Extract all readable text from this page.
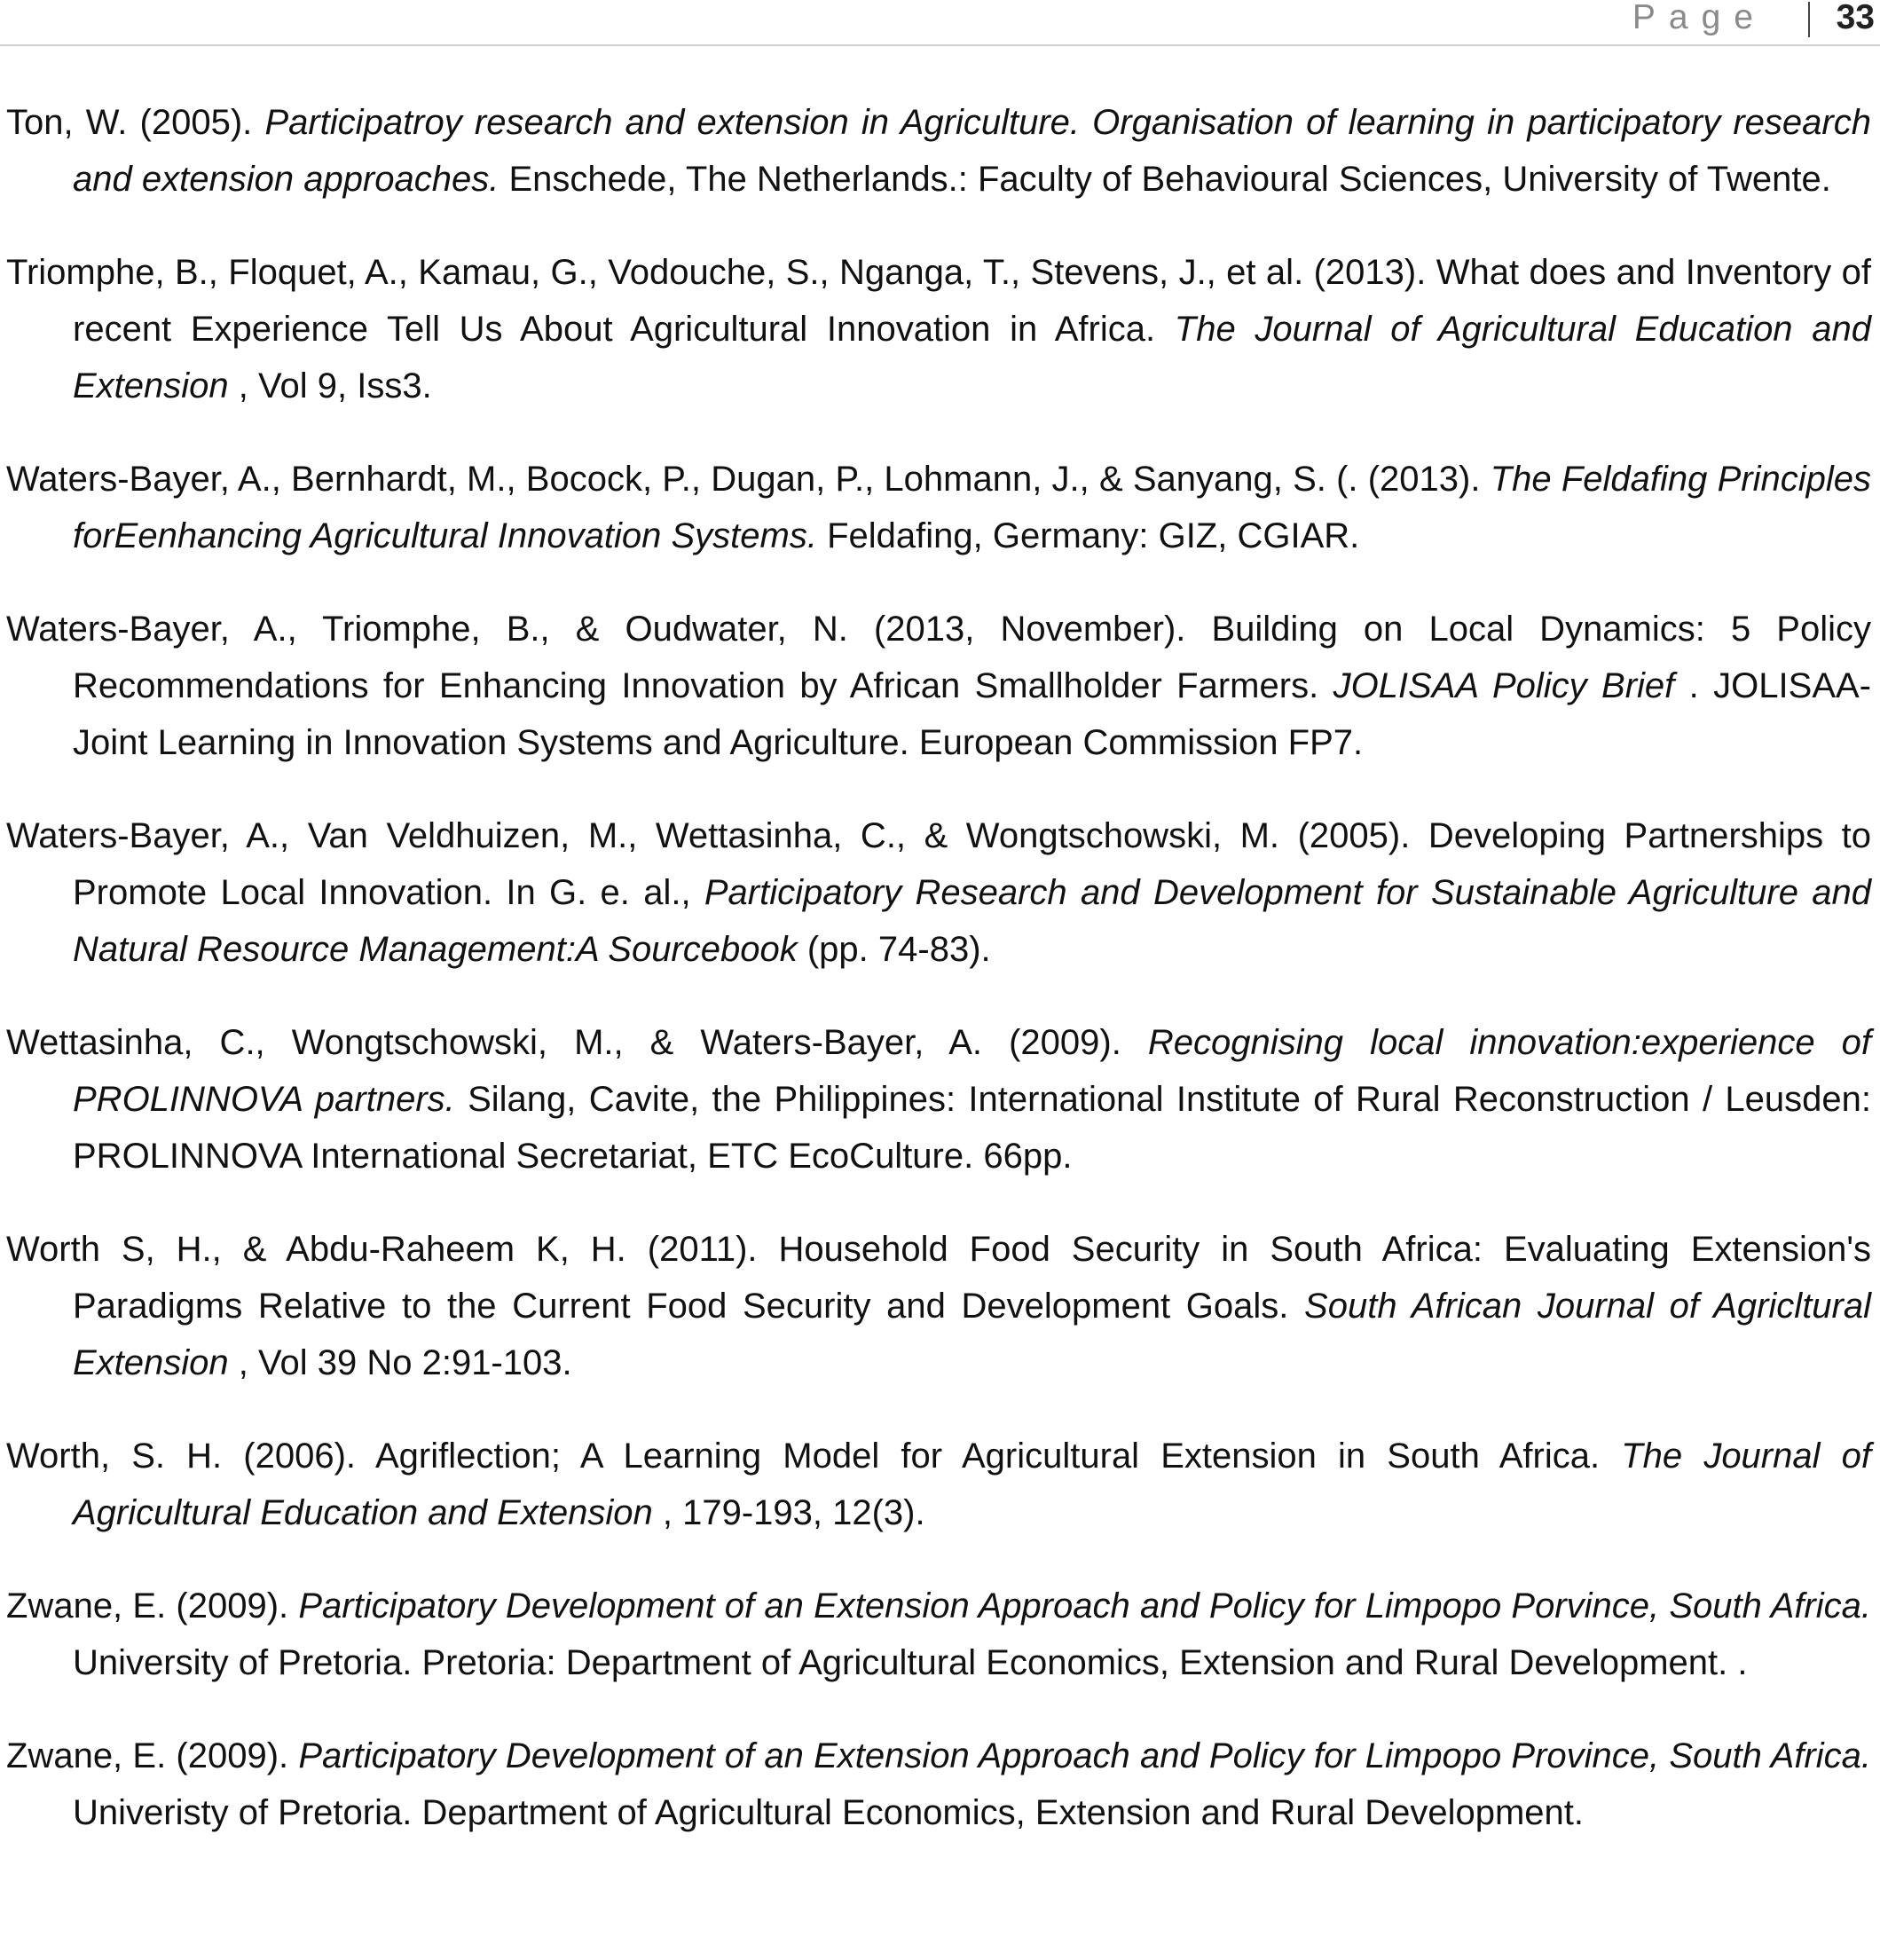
Page 33

Ton, W. (2005). Participatroy research and extension in Agriculture. Organisation of learning in participatory research and extension approaches. Enschede, The Netherlands.: Faculty of Behavioural Sciences, University of Twente.

Triomphe, B., Floquet, A., Kamau, G., Vodouche, S., Nganga, T., Stevens, J., et al. (2013). What does and Inventory of recent Experience Tell Us About Agricultural Innovation in Africa. The Journal of Agricultural Education and Extension , Vol 9, Iss3.

Waters-Bayer, A., Bernhardt, M., Bocock, P., Dugan, P., Lohmann, J., & Sanyang, S. (. (2013). The Feldafing Principles forEenhancing Agricultural Innovation Systems. Feldafing, Germany: GIZ, CGIAR.

Waters-Bayer, A., Triomphe, B., & Oudwater, N. (2013, November). Building on Local Dynamics: 5 Policy Recommendations for Enhancing Innovation by African Smallholder Farmers. JOLISAA Policy Brief . JOLISAA-Joint Learning in Innovation Systems and Agriculture. European Commission FP7.

Waters-Bayer, A., Van Veldhuizen, M., Wettasinha, C., & Wongtschowski, M. (2005). Developing Partnerships to Promote Local Innovation. In G. e. al., Participatory Research and Development for Sustainable Agriculture and Natural Resource Management:A Sourcebook (pp. 74-83).

Wettasinha, C., Wongtschowski, M., & Waters-Bayer, A. (2009). Recognising local innovation:experience of PROLINNOVA partners. Silang, Cavite, the Philippines: International Institute of Rural Reconstruction / Leusden: PROLINNOVA International Secretariat, ETC EcoCulture. 66pp.

Worth S, H., & Abdu-Raheem K, H. (2011). Household Food Security in South Africa: Evaluating Extension's Paradigms Relative to the Current Food Security and Development Goals. South African Journal of Agricltural Extension , Vol 39 No 2:91-103.

Worth, S. H. (2006). Agriflection; A Learning Model for Agricultural Extension in South Africa. The Journal of Agricultural Education and Extension , 179-193, 12(3).

Zwane, E. (2009). Participatory Development of an Extension Approach and Policy for Limpopo Porvince, South Africa. University of Pretoria. Pretoria: Department of Agricultural Economics, Extension and Rural Development. .

Zwane, E. (2009). Participatory Development of an Extension Approach and Policy for Limpopo Province, South Africa. Univeristy of Pretoria. Department of Agricultural Economics, Extension and Rural Development.
